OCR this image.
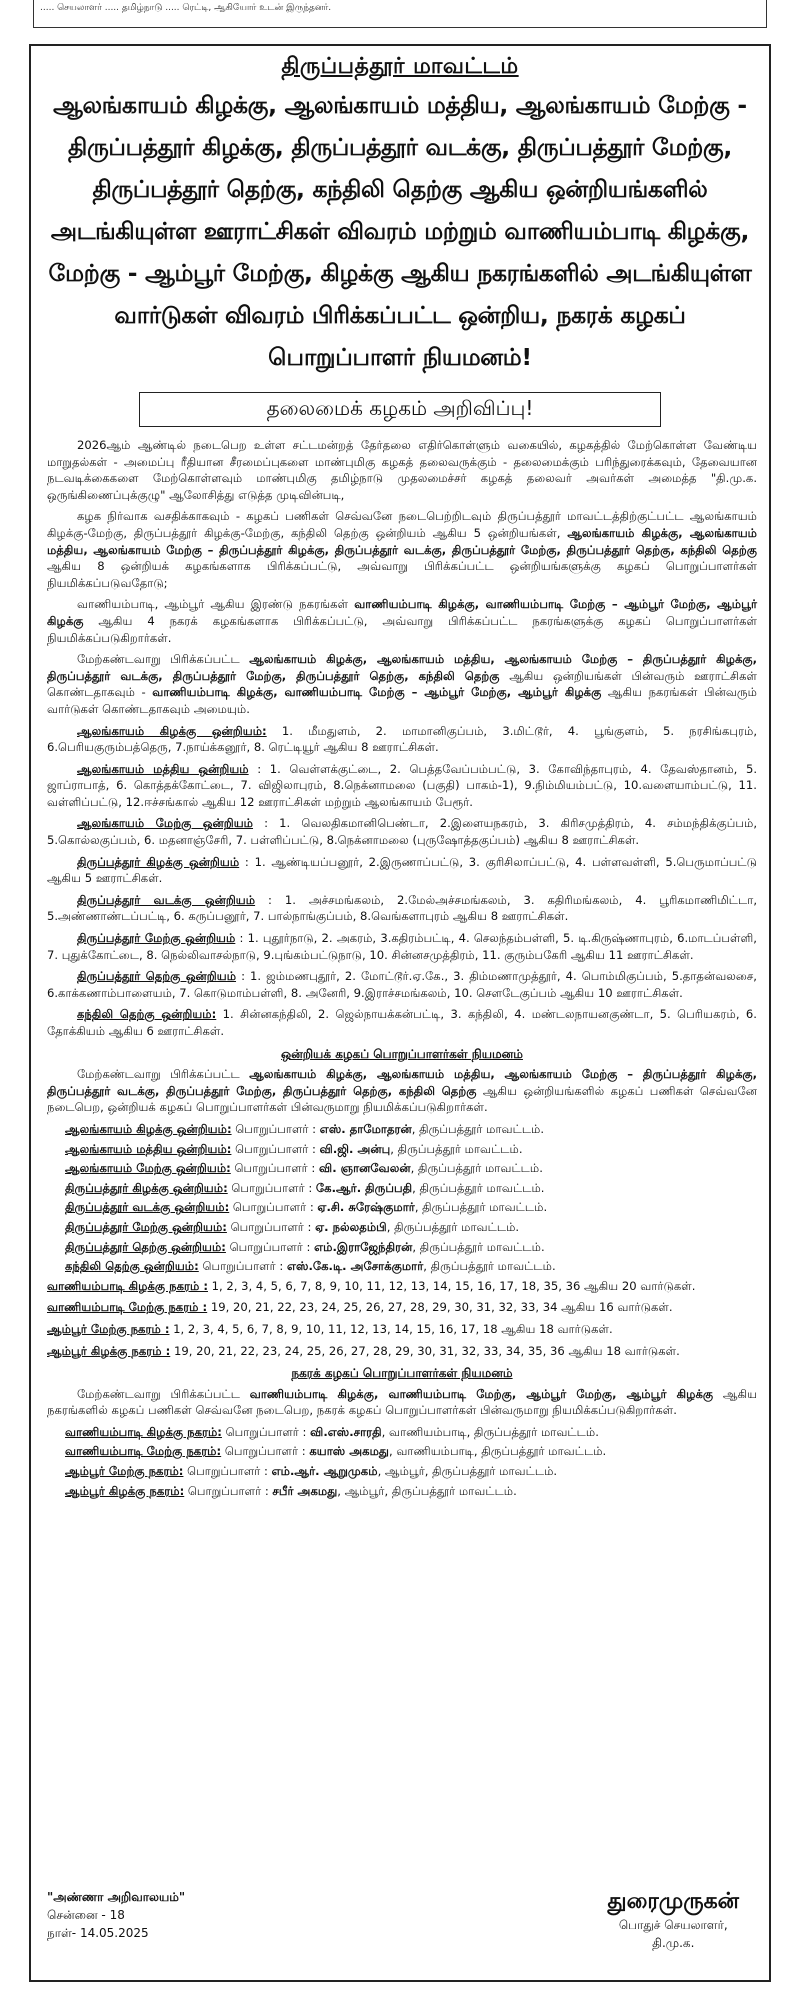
..... செயலாளர் ..... தமிழ்நாடு ..... ரெட்டி, ஆகியோர் உடன் இருந்தனர்.
திருப்பத்தூர் மாவட்டம்
ஆலங்காயம் கிழக்கு, ஆலங்காயம் மத்திய, ஆலங்காயம் மேற்கு - திருப்பத்தூர் கிழக்கு, திருப்பத்தூர் வடக்கு, திருப்பத்தூர் மேற்கு, திருப்பத்தூர் தெற்கு, கந்திலி தெற்கு ஆகிய ஒன்றியங்களில் அடங்கியுள்ள ஊராட்சிகள் விவரம் மற்றும் வாணியம்பாடி கிழக்கு, மேற்கு - ஆம்பூர் மேற்கு, கிழக்கு ஆகிய நகரங்களில் அடங்கியுள்ள வார்டுகள் விவரம் பிரிக்கப்பட்ட ஒன்றிய, நகரக் கழகப் பொறுப்பாளர் நியமனம்!
தலைமைக் கழகம் அறிவிப்பு!

2026ஆம் ஆண்டில் நடைபெற உள்ள சட்டமன்றத் தேர்தலை எதிர்கொள்ளும் வகையில், கழகத்தில் மேற்கொள்ள வேண்டிய மாறுதல்கள் - அமைப்பு ரீதியான சீரமைப்புகளை மாண்புமிகு கழகத் தலைவருக்கும் - தலைமைக்கும் பரிந்துரைக்கவும், தேவையான நடவடிக்கைகளை மேற்கொள்ளவும் மாண்புமிகு தமிழ்நாடு முதலமைச்சர் கழகத் தலைவர் அவர்கள் அமைத்த "தி.மு.க. ஒருங்கிணைப்புக்குழு" ஆலோசித்து எடுத்த முடிவின்படி,

கழக நிர்வாக வசதிக்காகவும் - கழகப் பணிகள் செவ்வனே நடைபெற்றிடவும் திருப்பத்தூர் மாவட்டத்திற்குட்பட்ட ஆலங்காயம் கிழக்கு-மேற்கு, திருப்பத்தூர் கிழக்கு-மேற்கு, கந்திலி தெற்கு ஒன்றியம் ஆகிய 5 ஒன்றியங்கள், ஆலங்காயம் கிழக்கு, ஆலங்காயம் மத்திய, ஆலங்காயம் மேற்கு – திருப்பத்தூர் கிழக்கு, திருப்பத்தூர் வடக்கு, திருப்பத்தூர் மேற்கு, திருப்பத்தூர் தெற்கு, கந்திலி தெற்கு ஆகிய 8 ஒன்றியக் கழகங்களாக பிரிக்கப்பட்டு, அவ்வாறு பிரிக்கப்பட்ட ஒன்றியங்களுக்கு கழகப் பொறுப்பாளர்கள் நியமிக்கப்படுவதோடு;

வாணியம்பாடி, ஆம்பூர் ஆகிய இரண்டு நகரங்கள் வாணியம்பாடி கிழக்கு, வாணியம்பாடி மேற்கு – ஆம்பூர் மேற்கு, ஆம்பூர் கிழக்கு ஆகிய 4 நகரக் கழகங்களாக பிரிக்கப்பட்டு, அவ்வாறு பிரிக்கப்பட்ட நகரங்களுக்கு கழகப் பொறுப்பாளர்கள் நியமிக்கப்படுகிறார்கள்.

மேற்கண்டவாறு பிரிக்கப்பட்ட ஆலங்காயம் கிழக்கு, ஆலங்காயம் மத்திய, ஆலங்காயம் மேற்கு – திருப்பத்தூர் கிழக்கு, திருப்பத்தூர் வடக்கு, திருப்பத்தூர் மேற்கு, திருப்பத்தூர் தெற்கு, கந்திலி தெற்கு ஆகிய ஒன்றியங்கள் பின்வரும் ஊராட்சிகள் கொண்டதாகவும் - வாணியம்பாடி கிழக்கு, வாணியம்பாடி மேற்கு – ஆம்பூர் மேற்கு, ஆம்பூர் கிழக்கு ஆகிய நகரங்கள் பின்வரும் வார்டுகள் கொண்டதாகவும் அமையும்.

ஆலங்காயம் கிழக்கு ஒன்றியம்: 1. மீமதுளம், 2. மாமானிகுப்பம், 3.மிட்டூர், 4. பூங்குளம், 5. நரசிங்கபுரம், 6.பெரியகுரும்பத்தெரு, 7.நாய்க்கனூர், 8. ரெட்டியூர் ஆகிய 8 ஊராட்சிகள்.

ஆலங்காயம் மத்திய ஒன்றியம் : 1. வெள்ளக்குட்டை, 2. பெத்தவேப்பம்பட்டு, 3. கோவிந்தாபுரம், 4. தேவஸ்தானம், 5. ஜாப்ராபாத், 6. கொத்தக்கோட்டை, 7. விஜிலாபுரம், 8.நெக்னாமலை (பகுதி) பாகம்-1), 9.நிம்மியம்பட்டு, 10.வளையாம்பட்டு, 11. வள்ளிப்பட்டு, 12.ஈச்சங்கால் ஆகிய 12 ஊராட்சிகள் மற்றும் ஆலங்காயம் பேரூர்.

ஆலங்காயம் மேற்கு ஒன்றியம் : 1. வெலதிகமானிபெண்டா, 2.இளையநகரம், 3. கிரிசமுத்திரம், 4. சம்மந்திக்குப்பம், 5.கொல்லகுப்பம், 6. மதனாஞ்சேரி, 7. பள்ளிப்பட்டு, 8.நெக்னாமலை (புருஷோத்தகுப்பம்) ஆகிய 8 ஊராட்சிகள்.

திருப்பத்தூர் கிழக்கு ஒன்றியம் : 1. ஆண்டியப்பனூர், 2.இருணாப்பட்டு, 3. குரிசிலாப்பட்டு, 4. பள்ளவள்ளி, 5.பெருமாப்பட்டு ஆகிய 5 ஊராட்சிகள்.

திருப்பத்தூர் வடக்கு ஒன்றியம் : 1. அச்சமங்கலம், 2.மேல்அச்சமங்கலம், 3. கதிரிமங்கலம், 4. பூரிகமாணிமிட்டா, 5.அண்ணாண்டப்பட்டி, 6. கருப்பனூர், 7. பால்நாங்குப்பம், 8.வெங்களாபுரம் ஆகிய 8 ஊராட்சிகள்.

திருப்பத்தூர் மேற்கு ஒன்றியம் : 1. புதூர்நாடு, 2. அகரம், 3.கதிரம்பட்டி, 4. செலந்தம்பள்ளி, 5. டி.கிருஷ்ணாபுரம், 6.மாடப்பள்ளி, 7. புதுக்கோட்டை, 8. நெல்லிவாசல்நாடு, 9.புங்கம்பட்டுநாடு, 10. சின்னசமுத்திரம், 11. குரும்பகேரி ஆகிய 11 ஊராட்சிகள்.

திருப்பத்தூர் தெற்கு ஒன்றியம் : 1. ஜம்மணபுதூர், 2. மோட்டூர்.ஏ.கே., 3. திம்மணாமுத்தூர், 4. பொம்மிகுப்பம், 5.தாதன்வலசை, 6.காக்கணாம்பாளையம், 7. கொடுமாம்பள்ளி, 8. அனேரி, 9.இராச்சமங்கலம், 10. சௌடேகுப்பம் ஆகிய 10 ஊராட்சிகள்.

கந்திலி தெற்கு ஒன்றியம்: 1. சின்னகந்திலி, 2. ஜெல்நாயக்கன்பட்டி, 3. கந்திலி, 4. மண்டலநாயனகுண்டா, 5. பெரியகரம், 6. தோக்கியம் ஆகிய 6 ஊராட்சிகள்.

ஒன்றியக் கழகப் பொறுப்பாளர்கள் நியமனம்

மேற்கண்டவாறு பிரிக்கப்பட்ட ஆலங்காயம் கிழக்கு, ஆலங்காயம் மத்திய, ஆலங்காயம் மேற்கு – திருப்பத்தூர் கிழக்கு, திருப்பத்தூர் வடக்கு, திருப்பத்தூர் மேற்கு, திருப்பத்தூர் தெற்கு, கந்திலி தெற்கு ஆகிய ஒன்றியங்களில் கழகப் பணிகள் செவ்வனே நடைபெற, ஒன்றியக் கழகப் பொறுப்பாளர்கள் பின்வருமாறு நியமிக்கப்படுகிறார்கள்.

ஆலங்காயம் கிழக்கு ஒன்றியம்: பொறுப்பாளர் : எஸ். தாமோதரன், திருப்பத்தூர் மாவட்டம்.
ஆலங்காயம் மத்திய ஒன்றியம்: பொறுப்பாளர் : வி.ஜி. அன்பு, திருப்பத்தூர் மாவட்டம்.
ஆலங்காயம் மேற்கு ஒன்றியம்: பொறுப்பாளர் : வி. ஞானவேலன், திருப்பத்தூர் மாவட்டம்.
திருப்பத்தூர் கிழக்கு ஒன்றியம்: பொறுப்பாளர் : கே.ஆர். திருப்பதி, திருப்பத்தூர் மாவட்டம்.
திருப்பத்தூர் வடக்கு ஒன்றியம்: பொறுப்பாளர் : ஏ.சி. சுரேஷ்குமார், திருப்பத்தூர் மாவட்டம்.
திருப்பத்தூர் மேற்கு ஒன்றியம்: பொறுப்பாளர் : ஏ. நல்லதம்பி, திருப்பத்தூர் மாவட்டம்.
திருப்பத்தூர் தெற்கு ஒன்றியம்: பொறுப்பாளர் : எம்.இராஜேந்திரன், திருப்பத்தூர் மாவட்டம்.
கந்திலி தெற்கு ஒன்றியம்: பொறுப்பாளர் : எஸ்.கே.டி. அசோக்குமார், திருப்பத்தூர் மாவட்டம்.

வாணியம்பாடி கிழக்கு நகரம் : 1, 2, 3, 4, 5, 6, 7, 8, 9, 10, 11, 12, 13, 14, 15, 16, 17, 18, 35, 36 ஆகிய 20 வார்டுகள்.

வாணியம்பாடி மேற்கு நகரம் : 19, 20, 21, 22, 23, 24, 25, 26, 27, 28, 29, 30, 31, 32, 33, 34 ஆகிய 16 வார்டுகள்.

ஆம்பூர் மேற்கு நகரம் : 1, 2, 3, 4, 5, 6, 7, 8, 9, 10, 11, 12, 13, 14, 15, 16, 17, 18 ஆகிய 18 வார்டுகள்.

ஆம்பூர் கிழக்கு நகரம் : 19, 20, 21, 22, 23, 24, 25, 26, 27, 28, 29, 30, 31, 32, 33, 34, 35, 36 ஆகிய 18 வார்டுகள்.

நகரக் கழகப் பொறுப்பாளர்கள் நியமனம்

மேற்கண்டவாறு பிரிக்கப்பட்ட வாணியம்பாடி கிழக்கு, வாணியம்பாடி மேற்கு, ஆம்பூர் மேற்கு, ஆம்பூர் கிழக்கு ஆகிய நகரங்களில் கழகப் பணிகள் செவ்வனே நடைபெற, நகரக் கழகப் பொறுப்பாளர்கள் பின்வருமாறு நியமிக்கப்படுகிறார்கள்.

வாணியம்பாடி கிழக்கு நகரம்: பொறுப்பாளர் : வி.எஸ்.சாரதி, வாணியம்பாடி, திருப்பத்தூர் மாவட்டம்.
வாணியம்பாடி மேற்கு நகரம்: பொறுப்பாளர் : கயாஸ் அகமது, வாணியம்பாடி, திருப்பத்தூர் மாவட்டம்.
ஆம்பூர் மேற்கு நகரம்: பொறுப்பாளர் : எம்.ஆர். ஆறுமுகம், ஆம்பூர், திருப்பத்தூர் மாவட்டம்.
ஆம்பூர் கிழக்கு நகரம்: பொறுப்பாளர் : சபீர் அகமது, ஆம்பூர், திருப்பத்தூர் மாவட்டம்.
"அண்ணா அறிவாலயம்"
சென்னை - 18
நாள்- 14.05.2025
துரைமுருகன்
பொதுச் செயலாளர்,
தி.மு.க.
